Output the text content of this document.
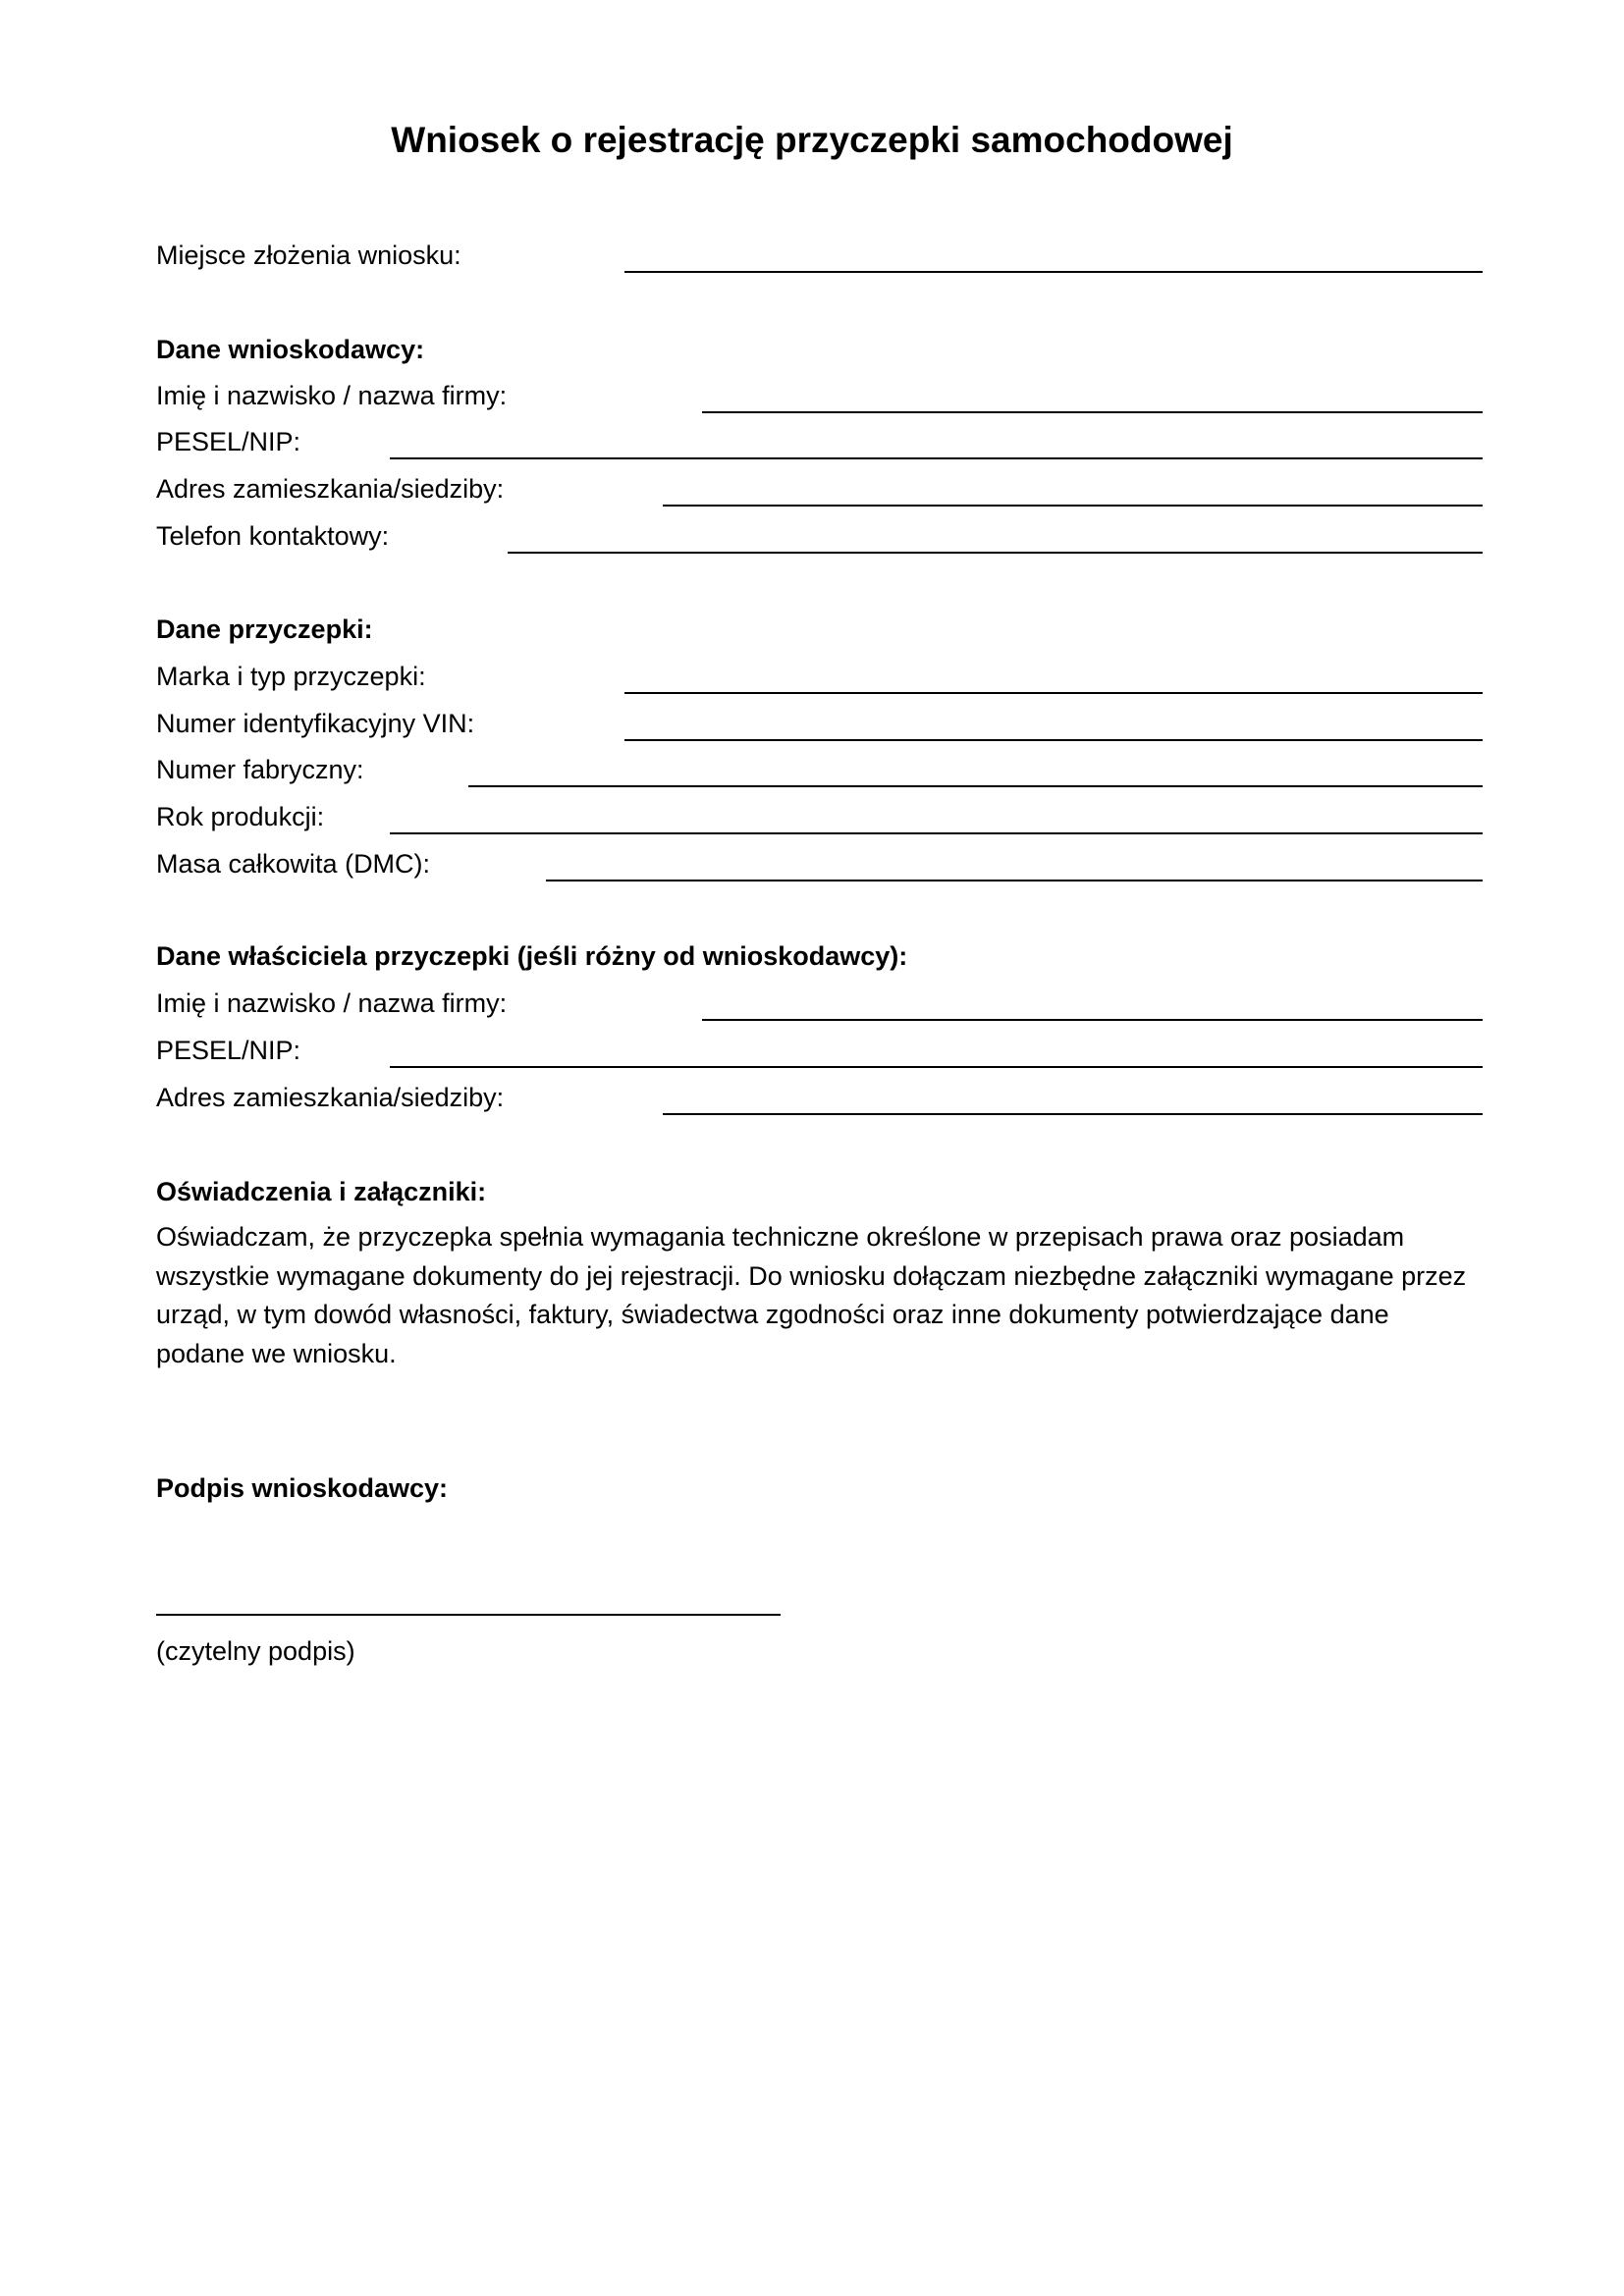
Wniosek o rejestrację przyczepki samochodowej
Miejsce złożenia wniosku:
Dane wnioskodawcy:
Imię i nazwisko / nazwa firmy:
PESEL/NIP:
Adres zamieszkania/siedziby:
Telefon kontaktowy:
Dane przyczepki:
Marka i typ przyczepki:
Numer identyfikacyjny VIN:
Numer fabryczny:
Rok produkcji:
Masa całkowita (DMC):
Dane właściciela przyczepki (jeśli różny od wnioskodawcy):
Imię i nazwisko / nazwa firmy:
PESEL/NIP:
Adres zamieszkania/siedziby:
Oświadczenia i załączniki:

Oświadczam, że przyczepka spełnia wymagania techniczne określone w przepisach prawa oraz posiadam wszystkie wymagane dokumenty do jej rejestracji. Do wniosku dołączam niezbędne załączniki wymagane przez urząd, w tym dowód własności, faktury, świadectwa zgodności oraz inne dokumenty potwierdzające dane podane we wniosku.

Podpis wnioskodawcy:
(czytelny podpis)
